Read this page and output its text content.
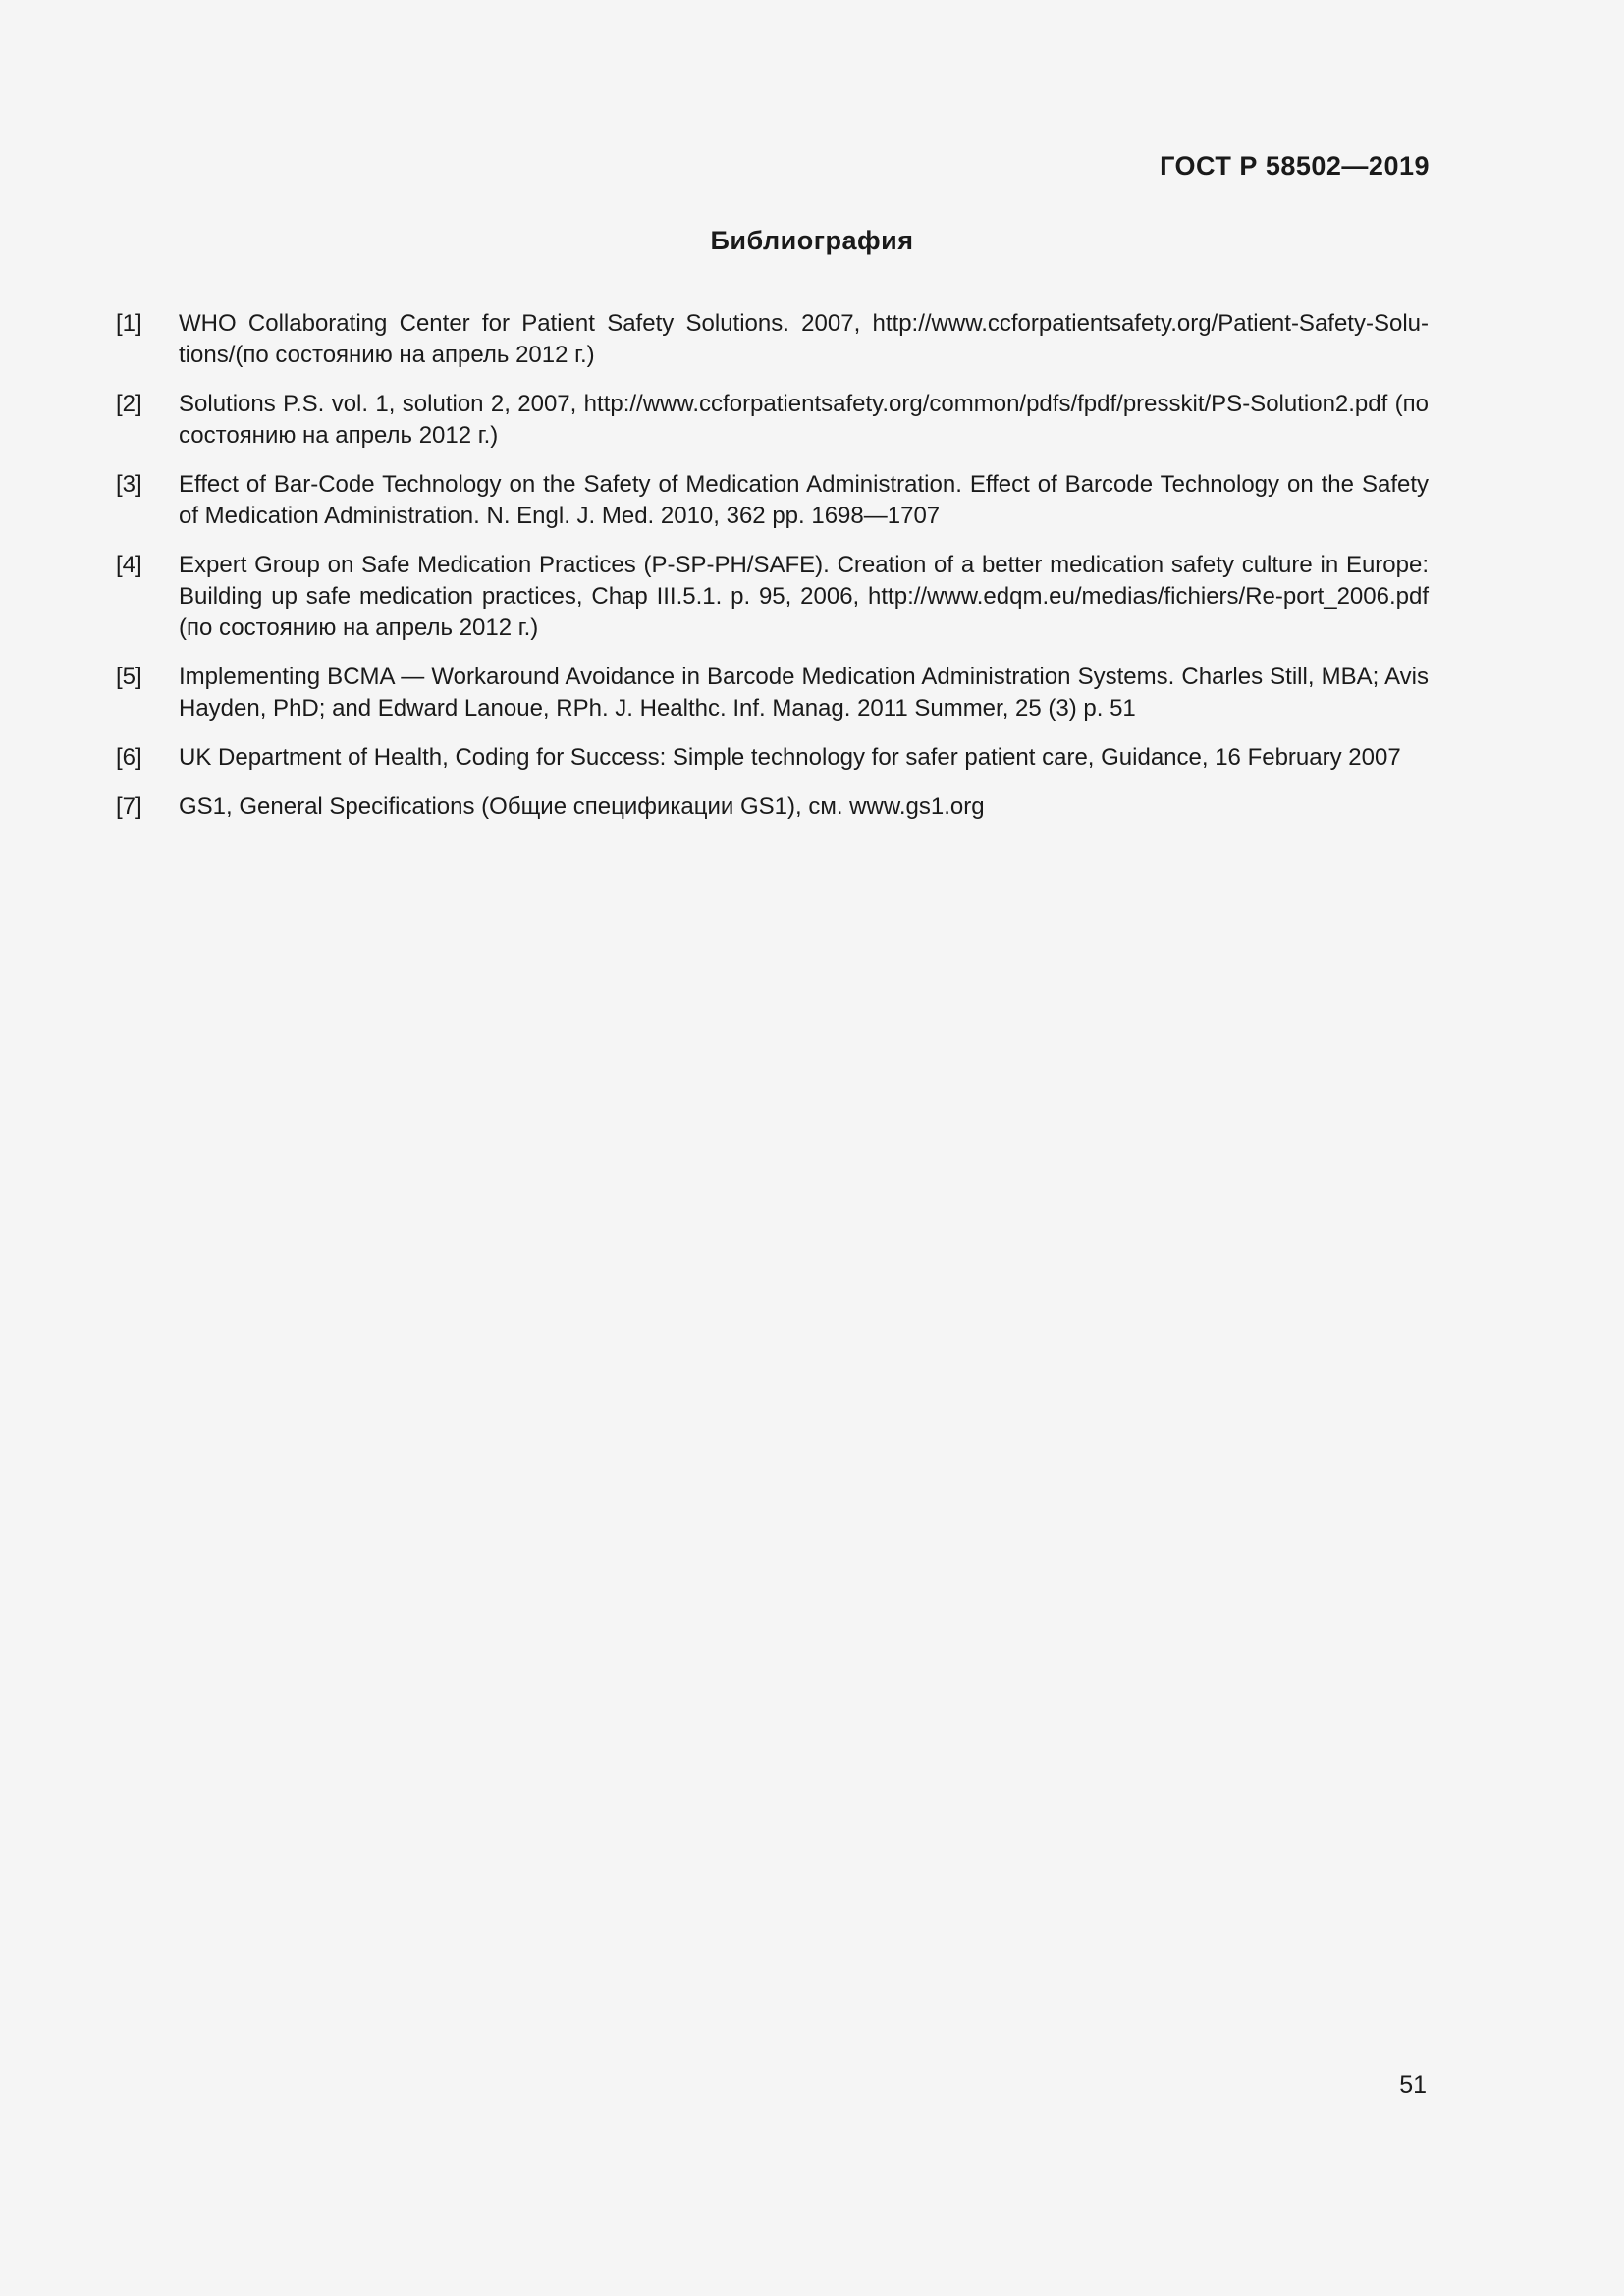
ГОСТ Р 58502—2019

Библиография
[1]	WHO Collaborating Center for Patient Safety Solutions. 2007, http://www.ccforpatientsafety.org/Patient-Safety-Solu-tions/(по состоянию на апрель 2012 г.)
[2]	Solutions P.S. vol. 1, solution 2, 2007, http://www.ccforpatientsafety.org/common/pdfs/fpdf/presskit/PS-Solution2.pdf (по состоянию на апрель 2012 г.)
[3]	Effect of Bar-Code Technology on the Safety of Medication Administration. Effect of Barcode Technology on the Safety of Medication Administration. N. Engl. J. Med. 2010, 362 pp. 1698—1707
[4]	Expert Group on Safe Medication Practices (P-SP-PH/SAFE). Creation of a better medication safety culture in Europe: Building up safe medication practices, Chap III.5.1. p. 95, 2006, http://www.edqm.eu/medias/fichiers/Re-port_2006.pdf (по состоянию на апрель 2012 г.)
[5]	Implementing BCMA — Workaround Avoidance in Barcode Medication Administration Systems. Charles Still, MBA; Avis Hayden, PhD; and Edward Lanoue, RPh. J. Healthc. Inf. Manag. 2011 Summer, 25 (3) p. 51
[6]	UK Department of Health, Coding for Success: Simple technology for safer patient care, Guidance, 16 February 2007
[7]	GS1, General Specifications (Общие спецификации GS1), см. www.gs1.org

51
